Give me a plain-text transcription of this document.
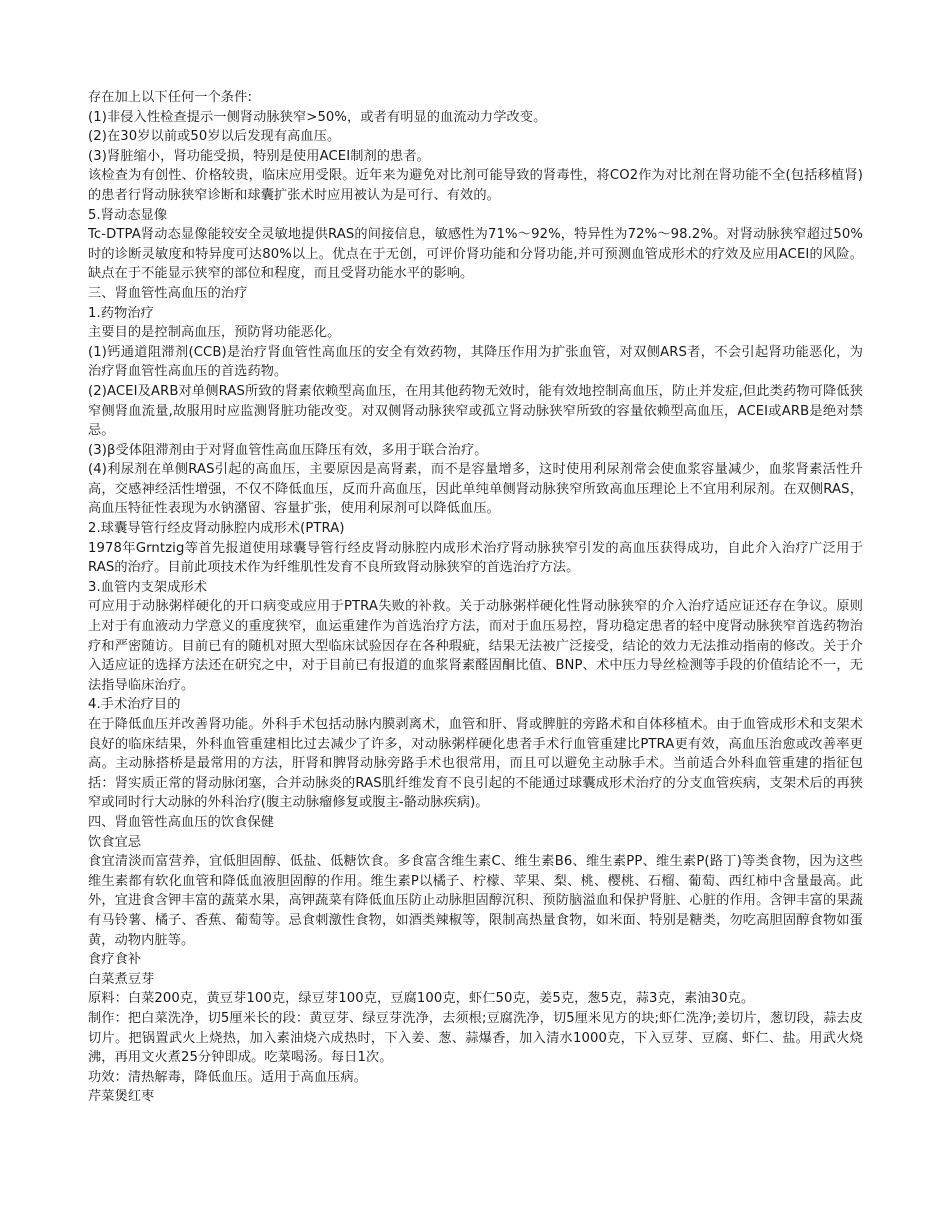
存在加上以下任何一个条件:

(1)非侵入性检查提示一侧肾动脉狭窄>50%，或者有明显的血流动力学改变。

(2)在30岁以前或50岁以后发现有高血压。

(3)肾脏缩小，肾功能受损，特别是使用ACEI制剂的患者。

该检查为有创性、价格较贵，临床应用受限。近年来为避免对比剂可能导致的肾毒性，将CO2作为对比剂在肾功能不全(包括移植肾)的患者行肾动脉狭窄诊断和球囊扩张术时应用被认为是可行、有效的。

5.肾动态显像

Tc-DTPA肾动态显像能较安全灵敏地提供RAS的间接信息，敏感性为71%～92%，特异性为72%～98.2%。对肾动脉狭窄超过50%时的诊断灵敏度和特异度可达80%以上。优点在于无创，可评价肾功能和分肾功能,并可预测血管成形术的疗效及应用ACEI的风险。缺点在于不能显示狭窄的部位和程度，而且受肾功能水平的影响。

三、肾血管性高血压的治疗

1.药物治疗

主要目的是控制高血压，预防肾功能恶化。

(1)钙通道阻滞剂(CCB)是治疗肾血管性高血压的安全有效药物，其降压作用为扩张血管，对双侧ARS者，不会引起肾功能恶化，为治疗肾血管性高血压的首选药物。

(2)ACEI及ARB对单侧RAS所致的肾素依赖型高血压，在用其他药物无效时，能有效地控制高血压，防止并发症,但此类药物可降低狭窄侧肾血流量,故服用时应监测肾脏功能改变。对双侧肾动脉狭窄或孤立肾动脉狭窄所致的容量依赖型高血压，ACEI或ARB是绝对禁忌。

(3)β受体阻滞剂由于对肾血管性高血压降压有效，多用于联合治疗。

(4)利尿剂在单侧RAS引起的高血压，主要原因是高肾素，而不是容量增多，这时使用利尿剂常会使血浆容量减少，血浆肾素活性升高，交感神经活性增强，不仅不降低血压，反而升高血压，因此单纯单侧肾动脉狭窄所致高血压理论上不宜用利尿剂。在双侧RAS，高血压特征性表现为水钠潴留、容量扩张，使用利尿剂可以降低血压。

2.球囊导管行经皮肾动脉腔内成形术(PTRA)

1978年Grntzig等首先报道使用球囊导管行经皮肾动脉腔内成形术治疗肾动脉狭窄引发的高血压获得成功，自此介入治疗广泛用于RAS的治疗。目前此项技术作为纤维肌性发育不良所致肾动脉狭窄的首选治疗方法。

3.血管内支架成形术

可应用于动脉粥样硬化的开口病变或应用于PTRA失败的补救。关于动脉粥样硬化性肾动脉狭窄的介入治疗适应证还存在争议。原则上对于有血液动力学意义的重度狭窄，血运重建作为首选治疗方法，而对于血压易控，肾功稳定患者的轻中度肾动脉狭窄首选药物治疗和严密随访。目前已有的随机对照大型临床试验因存在各种瑕疵，结果无法被广泛接受，结论的效力无法推动指南的修改。关于介入适应证的选择方法还在研究之中，对于目前已有报道的血浆肾素醛固酮比值、BNP、术中压力导丝检测等手段的价值结论不一，无法指导临床治疗。

4.手术治疗目的

在于降低血压并改善肾功能。外科手术包括动脉内膜剥离术，血管和肝、肾或脾脏的旁路术和自体移植术。由于血管成形术和支架术良好的临床结果，外科血管重建相比过去减少了许多，对动脉粥样硬化患者手术行血管重建比PTRA更有效，高血压治愈或改善率更高。主动脉搭桥是最常用的方法，肝肾和脾肾动脉旁路手术也很常用，而且可以避免主动脉手术。当前适合外科血管重建的指征包括：肾实质正常的肾动脉闭塞，合并动脉炎的RAS肌纤维发育不良引起的不能通过球囊成形术治疗的分支血管疾病，支架术后的再狭窄或同时行大动脉的外科治疗(腹主动脉瘤修复或腹主-骼动脉疾病)。

四、肾血管性高血压的饮食保健

饮食宜忌

食宜清淡而富营养，宜低胆固醇、低盐、低糖饮食。多食富含维生素C、维生素B6、维生素PP、维生素P(路丁)等类食物，因为这些维生素都有软化血管和降低血液胆固醇的作用。维生素P以橘子、柠檬、苹果、梨、桃、樱桃、石榴、葡萄、西红柿中含量最高。此外，宜进食含钾丰富的蔬菜水果，高钾蔬菜有降低血压防止动脉胆固醇沉积、预防脑溢血和保护肾脏、心脏的作用。含钾丰富的果蔬有马铃薯、橘子、香蕉、葡萄等。忌食刺激性食物，如酒类辣椒等，限制高热量食物，如米面、特别是糖类，勿吃高胆固醇食物如蛋黄，动物内脏等。

食疗食补

白菜煮豆芽

原料：白菜200克，黄豆芽100克，绿豆芽100克，豆腐100克，虾仁50克，姜5克，葱5克，蒜3克，素油30克。

制作：把白菜洗净，切5厘米长的段：黄豆芽、绿豆芽洗净，去须根;豆腐洗净，切5厘米见方的块;虾仁洗净;姜切片，葱切段，蒜去皮切片。把锅置武火上烧热，加入素油烧六成热时，下入姜、葱、蒜爆香，加入清水1000克，下入豆芽、豆腐、虾仁、盐。用武火烧沸，再用文火煮25分钟即成。吃菜喝汤。每日1次。

功效：清热解毒，降低血压。适用于高血压病。

芹菜煲红枣
